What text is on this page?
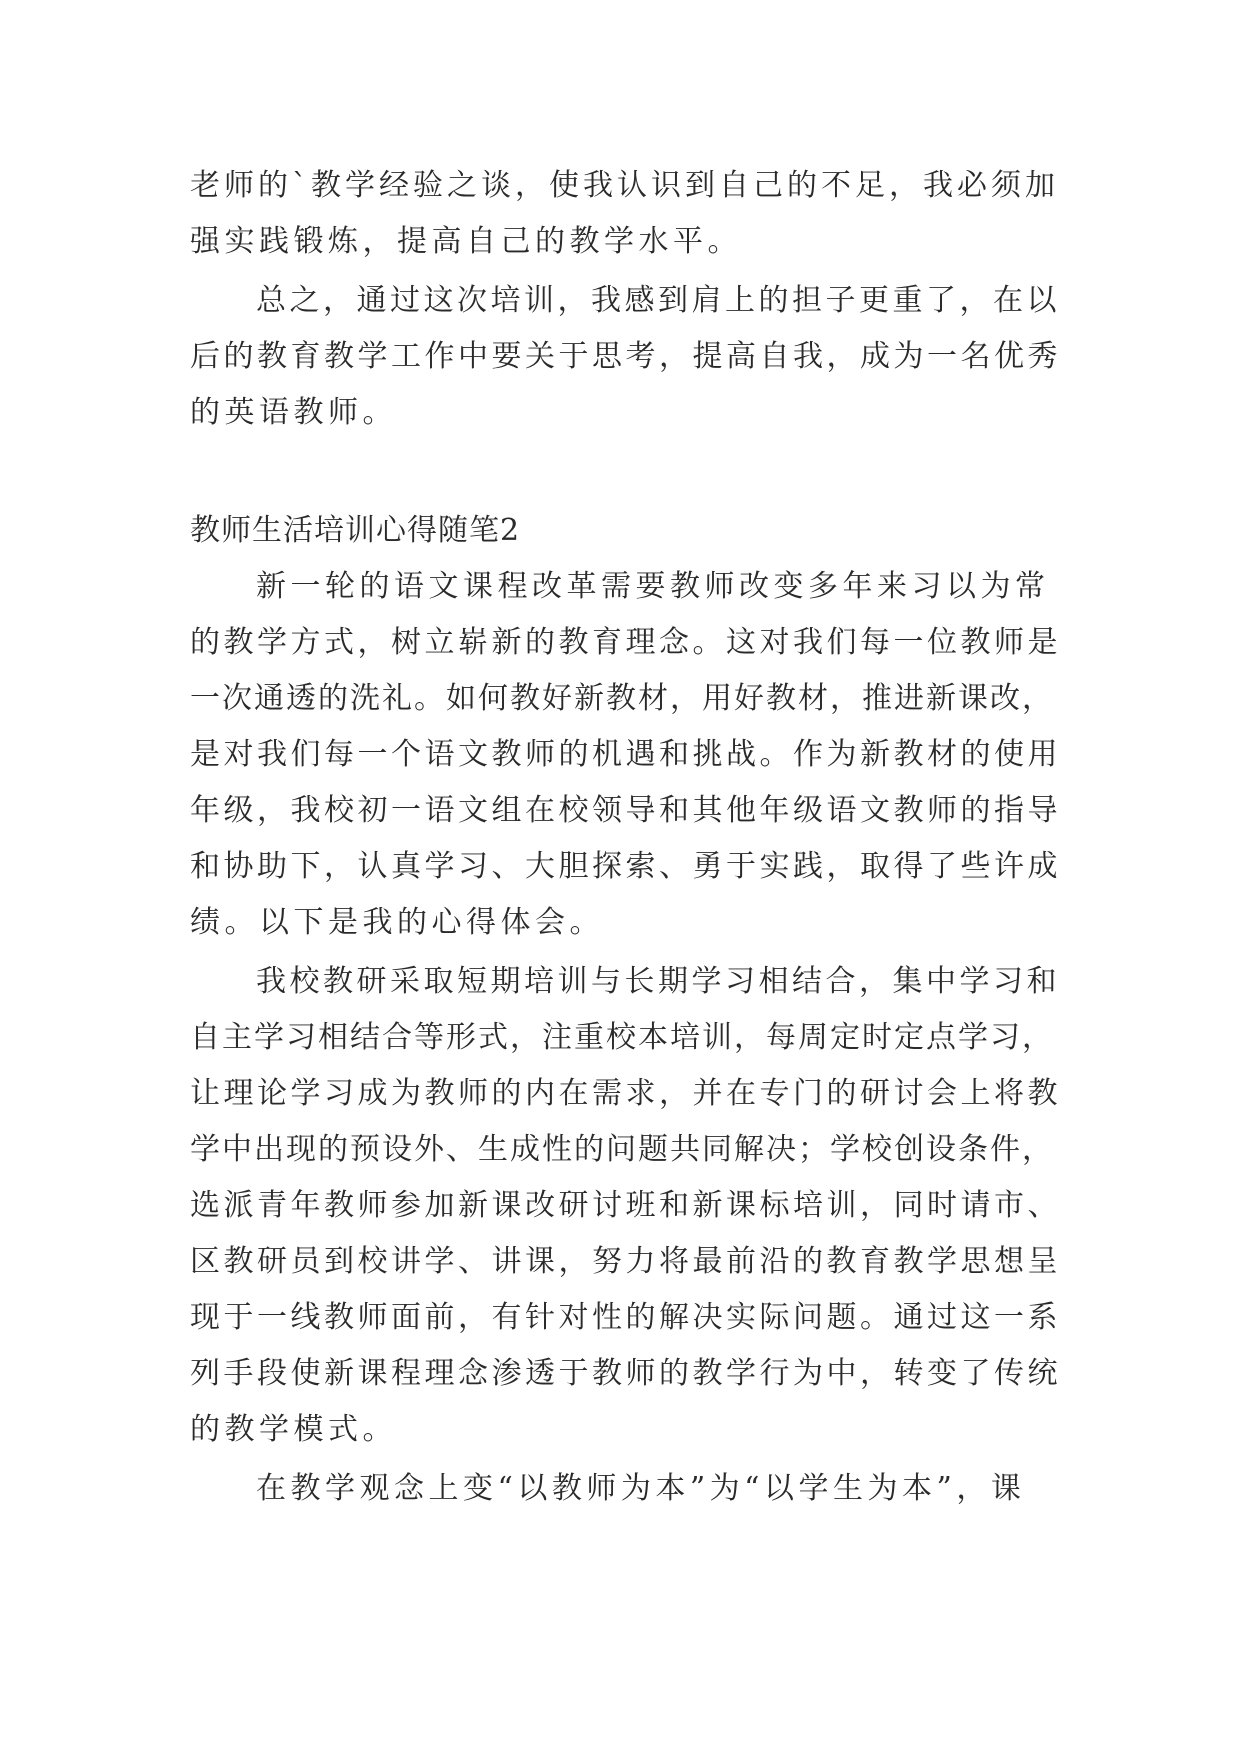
老师的`教学经验之谈，使我认识到自己的不足，我必须加
强实践锻炼，提高自己的教学水平。
总之，通过这次培训，我感到肩上的担子更重了，在以
后的教育教学工作中要关于思考，提高自我，成为一名优秀
的英语教师。
教师生活培训心得随笔2
新一轮的语文课程改革需要教师改变多年来习以为常
的教学方式，树立崭新的教育理念。这对我们每一位教师是
一次通透的洗礼。如何教好新教材，用好教材，推进新课改，
是对我们每一个语文教师的机遇和挑战。作为新教材的使用
年级，我校初一语文组在校领导和其他年级语文教师的指导
和协助下，认真学习、大胆探索、勇于实践，取得了些许成
绩。以下是我的心得体会。
我校教研采取短期培训与长期学习相结合，集中学习和
自主学习相结合等形式，注重校本培训，每周定时定点学习，
让理论学习成为教师的内在需求，并在专门的研讨会上将教
学中出现的预设外、生成性的问题共同解决；学校创设条件，
选派青年教师参加新课改研讨班和新课标培训，同时请市、
区教研员到校讲学、讲课，努力将最前沿的教育教学思想呈
现于一线教师面前，有针对性的解决实际问题。通过这一系
列手段使新课程理念渗透于教师的教学行为中，转变了传统
的教学模式。
在教学观念上变“以教师为本”为“以学生为本”，课
